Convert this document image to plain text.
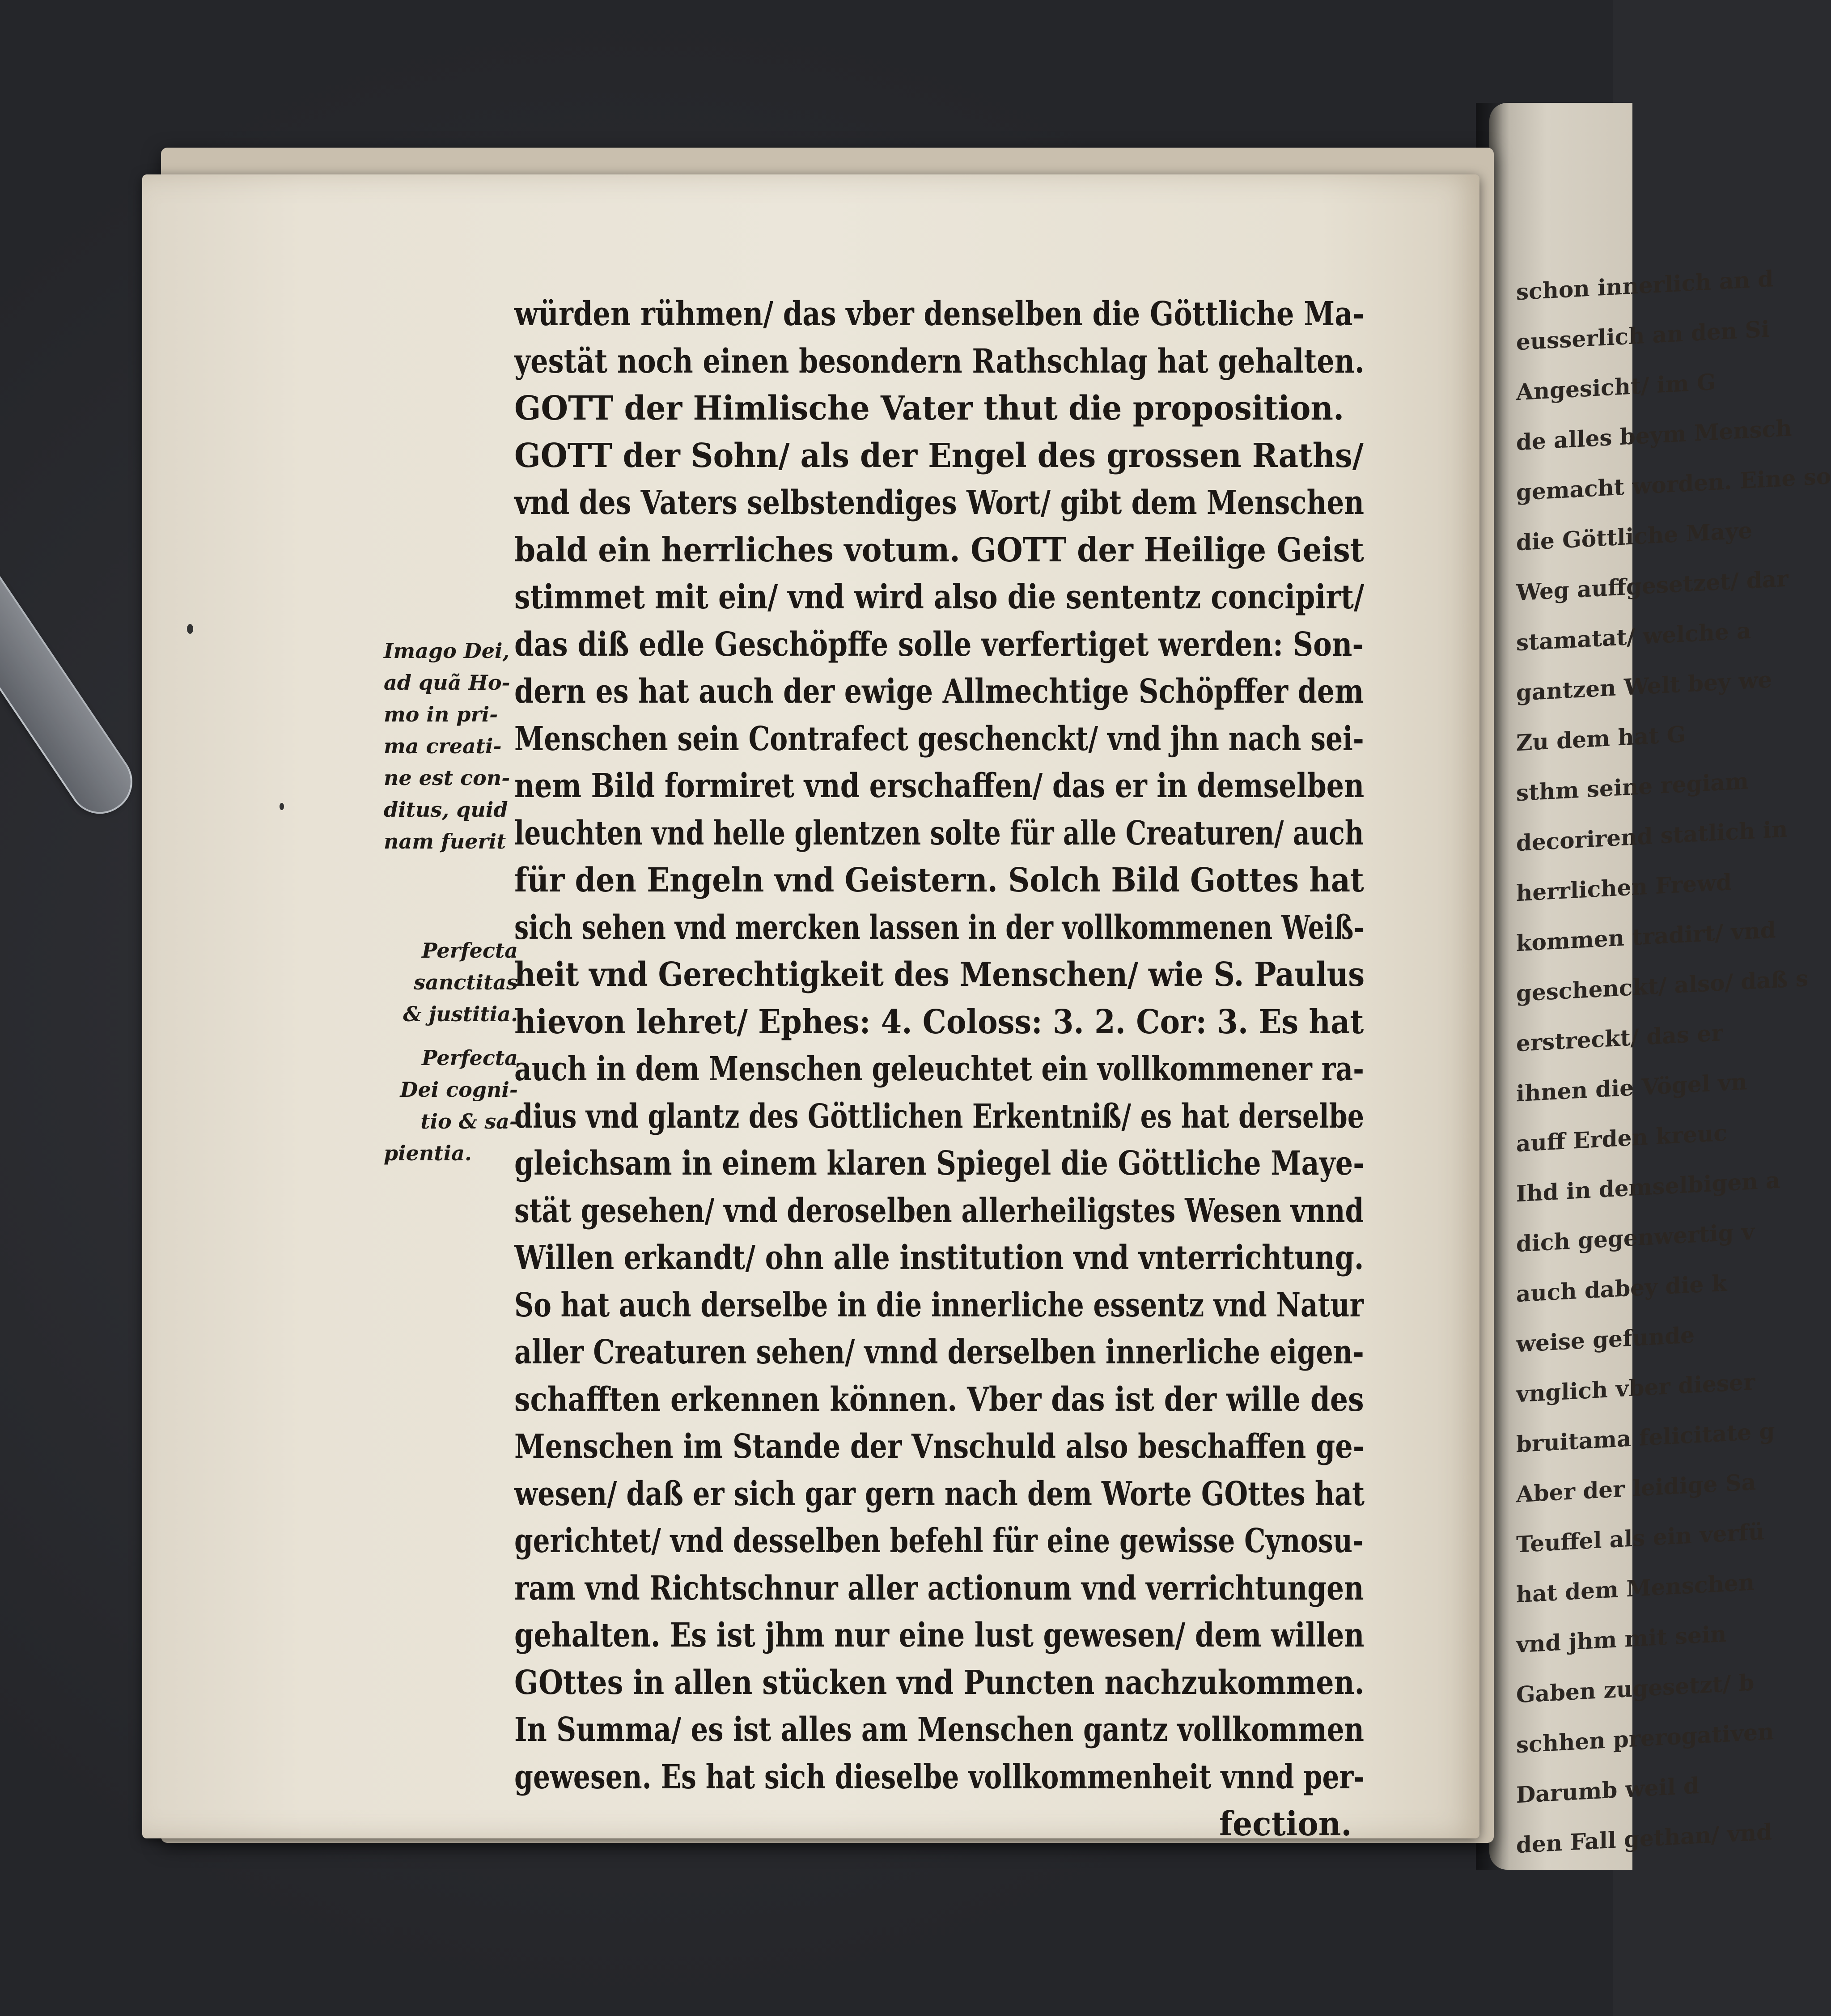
schon innerlich an d
eusserlich an den Si
Angesicht/ im G
de alles beym Mensch
gemacht worden. Eine so
die Göttliche Maye
Weg auffgesetzet/ dar
stamatat/ welche a
gantzen Welt bey we
Zu dem hat G
sthm seine regiam
decorirend statlich in
herrlichen Frewd
kommen tradirt/ vnd
geschenckt/ also/ daß s
erstreckt/ das er
ihnen die Vögel vn
auff Erden kreuc
Ihd in demselbigen a
dich gegenwertig v
auch dabey die k
weise gefunde
vnglich vber dieser
bruitama felicitate g
Aber der leidige Sa
Teuffel als ein verfü
hat dem Menschen
vnd jhm mit sein
Gaben zugesetzt/ b
schhen prerogativen
Darumb weil d
den Fall gethan/ vnd
Imago Dei,
ad quã Ho-
mo in pri-
ma creati-
ne est con-
ditus, quid
nam fuerit
Perfecta
sanctitas
& justitia.
Perfecta
Dei cogni-
tio & sa-
pientia.
würden rühmen/ das vber denselben die Göttliche Ma-
yestät noch einen besondern Rathschlag hat gehalten.
GOTT der Himlische Vater thut die proposition.
GOTT der Sohn/ als der Engel des grossen Raths/
vnd des Vaters selbstendiges Wort/ gibt dem Menschen
bald ein herrliches votum. GOTT der Heilige Geist
stimmet mit ein/ vnd wird also die sententz concipirt/
das diß edle Geschöpffe solle verfertiget werden: Son-
dern es hat auch der ewige Allmechtige Schöpffer dem
Menschen sein Contrafect geschenckt/ vnd jhn nach sei-
nem Bild formiret vnd erschaffen/ das er in demselben
leuchten vnd helle glentzen solte für alle Creaturen/ auch
für den Engeln vnd Geistern. Solch Bild Gottes hat
sich sehen vnd mercken lassen in der vollkommenen Weiß-
heit vnd Gerechtigkeit des Menschen/ wie S. Paulus
hievon lehret/ Ephes: 4. Coloss: 3. 2. Cor: 3. Es hat
auch in dem Menschen geleuchtet ein vollkommener ra-
dius vnd glantz des Göttlichen Erkentniß/ es hat derselbe
gleichsam in einem klaren Spiegel die Göttliche Maye-
stät gesehen/ vnd deroselben allerheiligstes Wesen vnnd
Willen erkandt/ ohn alle institution vnd vnterrichtung.
So hat auch derselbe in die innerliche essentz vnd Natur
aller Creaturen sehen/ vnnd derselben innerliche eigen-
schafften erkennen können. Vber das ist der wille des
Menschen im Stande der Vnschuld also beschaffen ge-
wesen/ daß er sich gar gern nach dem Worte GOttes hat
gerichtet/ vnd desselben befehl für eine gewisse Cynosu-
ram vnd Richtschnur aller actionum vnd verrichtungen
gehalten. Es ist jhm nur eine lust gewesen/ dem willen
GOttes in allen stücken vnd Puncten nachzukommen.
In Summa/ es ist alles am Menschen gantz vollkommen
gewesen. Es hat sich dieselbe vollkommenheit vnnd per-
fection.
